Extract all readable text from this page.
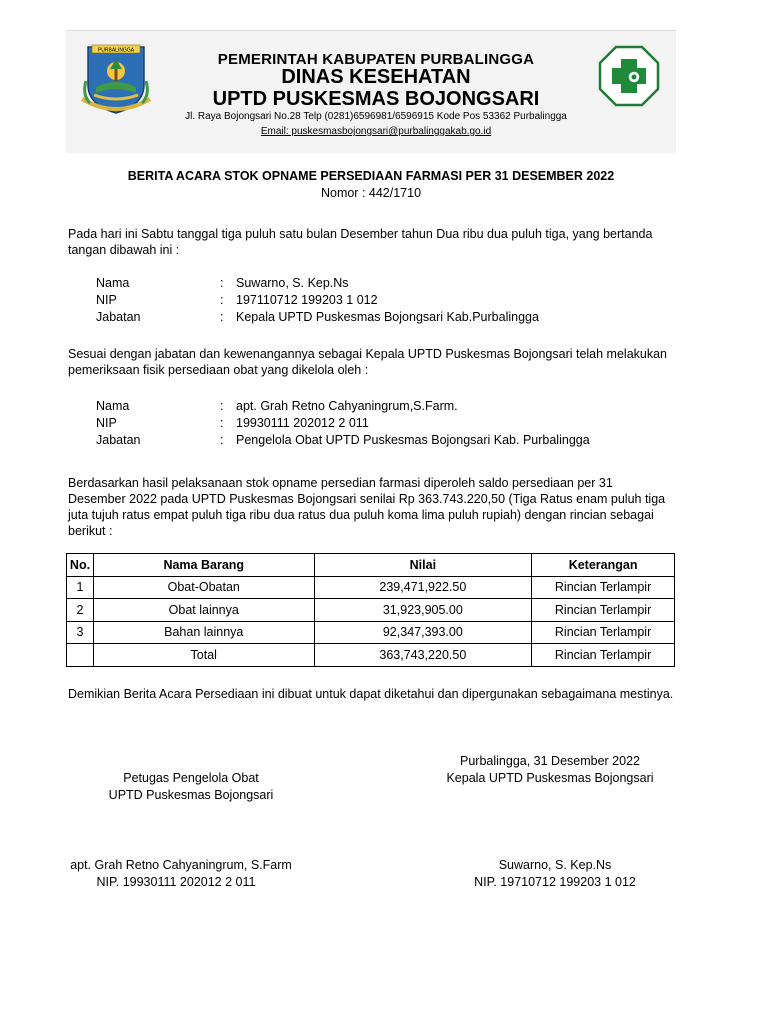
PURBALINGGA
PEMERINTAH KABUPATEN PURBALINGGA
DINAS KESEHATAN
UPTD PUSKESMAS BOJONGSARI
Jl. Raya Bojongsari No.28 Telp (0281)6596981/6596915 Kode Pos 53362 Purbalingga
Email: puskesmasbojongsari@purbalinggakab.go.id
BERITA ACARA STOK OPNAME PERSEDIAAN FARMASI PER 31 DESEMBER 2022
Nomor : 442/1710
Pada hari ini Sabtu tanggal tiga puluh satu bulan Desember tahun Dua ribu dua puluh tiga, yang bertanda tangan dibawah ini :
Nama	: Suwarno, S. Kep.Ns
NIP	: 197110712 199203 1 012
Jabatan	: Kepala UPTD Puskesmas Bojongsari Kab.Purbalingga
Sesuai dengan jabatan dan kewenangannya sebagai Kepala UPTD Puskesmas Bojongsari telah melakukan pemeriksaan fisik persediaan obat yang dikelola oleh :
Nama	: apt. Grah Retno Cahyaningrum,S.Farm.
NIP	: 19930111 202012 2 011
Jabatan	: Pengelola Obat UPTD Puskesmas Bojongsari Kab. Purbalingga
Berdasarkan hasil pelaksanaan stok opname persedian farmasi diperoleh saldo persediaan per 31 Desember 2022 pada UPTD Puskesmas Bojongsari senilai Rp 363.743.220,50 (Tiga Ratus enam puluh tiga juta tujuh ratus empat puluh tiga ribu dua ratus dua puluh koma lima puluh rupiah) dengan rincian sebagai berikut :
No.	Nama Barang	Nilai	Keterangan
1	Obat-Obatan	239,471,922.50	Rincian Terlampir
2	Obat lainnya	31,923,905.00	Rincian Terlampir
3	Bahan lainnya	92,347,393.00	Rincian Terlampir
	Total	363,743,220.50	Rincian Terlampir
Demikian Berita Acara Persediaan ini dibuat untuk dapat diketahui dan dipergunakan sebagaimana mestinya.
Purbalingga, 31 Desember 2022
Petugas Pengelola Obat	Kepala UPTD Puskesmas Bojongsari
UPTD Puskesmas Bojongsari
apt. Grah Retno Cahyaningrum, S.Farm	Suwarno, S. Kep.Ns
NIP. 19930111 202012 2 011	NIP. 19710712 199203 1 012
